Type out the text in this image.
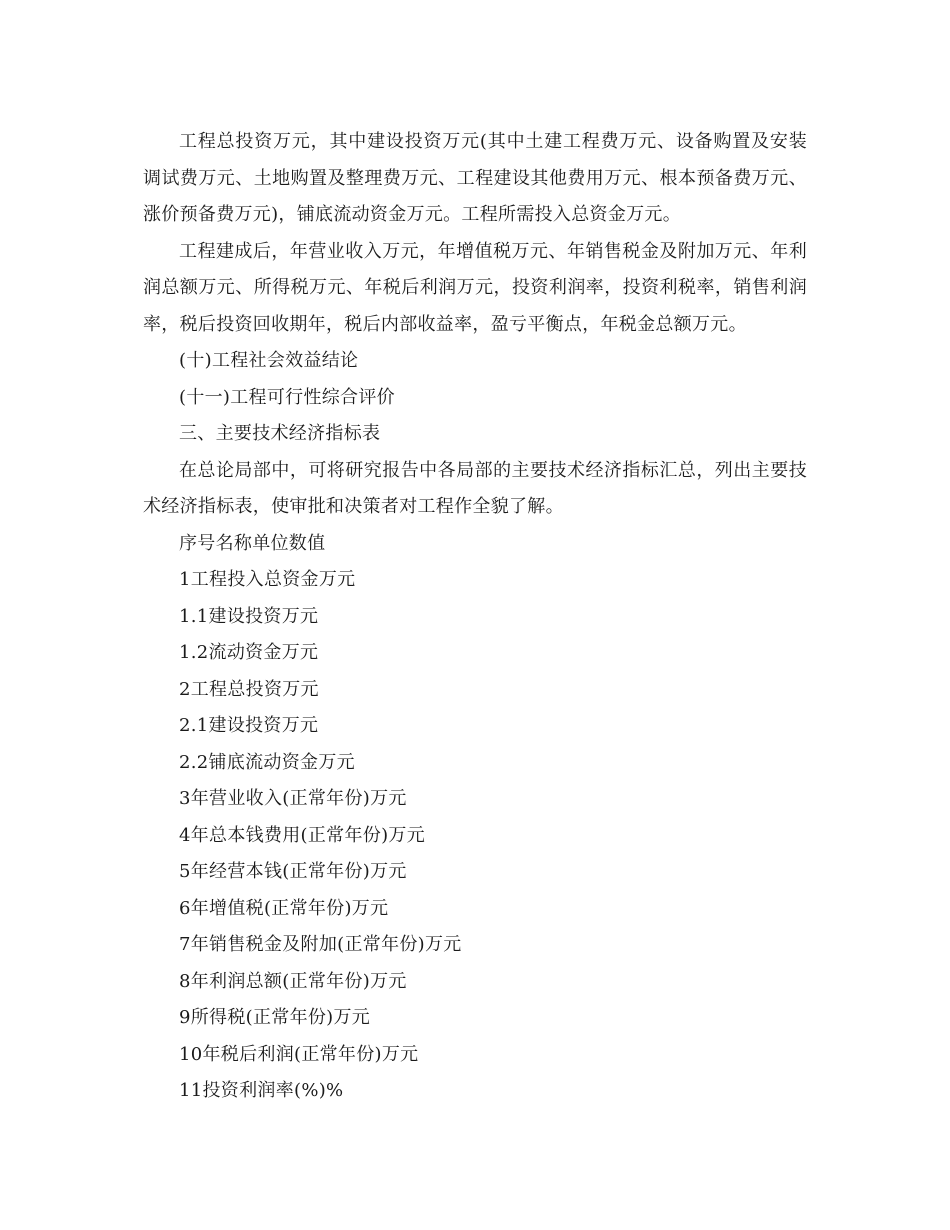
工程总投资万元，其中建设投资万元(其中土建工程费万元、设备购置及安装调试费万元、土地购置及整理费万元、工程建设其他费用万元、根本预备费万元、涨价预备费万元)，铺底流动资金万元。工程所需投入总资金万元。

工程建成后，年营业收入万元，年增值税万元、年销售税金及附加万元、年利润总额万元、所得税万元、年税后利润万元，投资利润率，投资利税率，销售利润率，税后投资回收期年，税后内部收益率，盈亏平衡点，年税金总额万元。

(十)工程社会效益结论

(十一)工程可行性综合评价

三、主要技术经济指标表

在总论局部中，可将研究报告中各局部的主要技术经济指标汇总，列出主要技术经济指标表，使审批和决策者对工程作全貌了解。

序号名称单位数值

1工程投入总资金万元

1.1建设投资万元

1.2流动资金万元

2工程总投资万元

2.1建设投资万元

2.2铺底流动资金万元

3年营业收入(正常年份)万元

4年总本钱费用(正常年份)万元

5年经营本钱(正常年份)万元

6年增值税(正常年份)万元

7年销售税金及附加(正常年份)万元

8年利润总额(正常年份)万元

9所得税(正常年份)万元

10年税后利润(正常年份)万元

11投资利润率(%)%
